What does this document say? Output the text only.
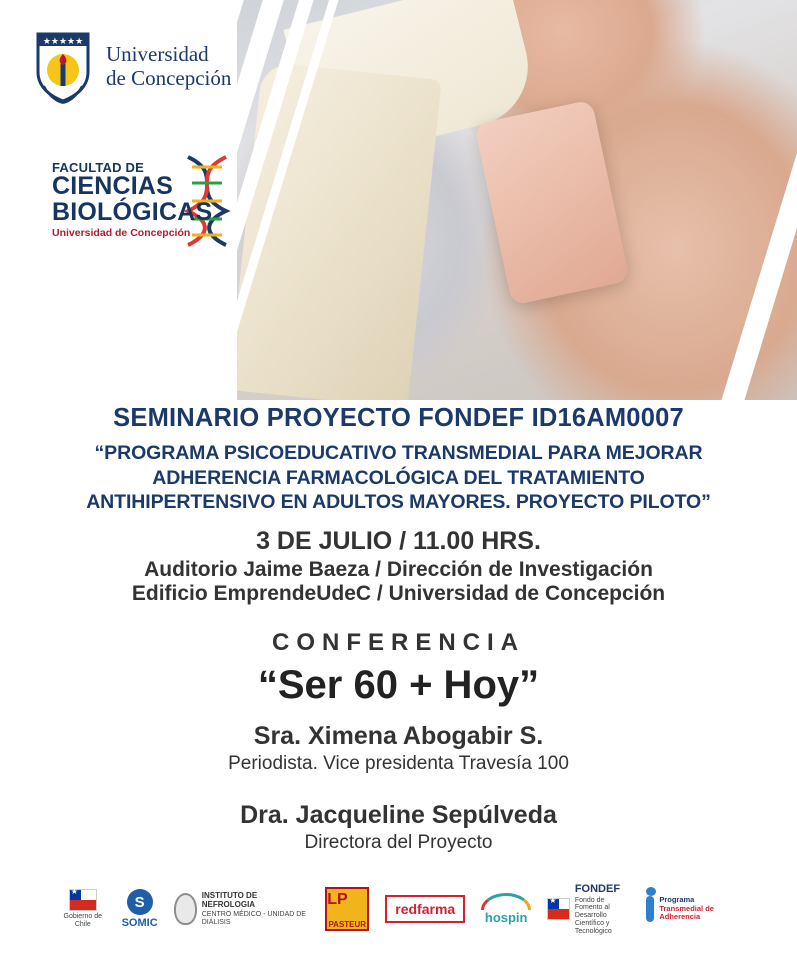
★★★★★ Universidad
de Concepción
FACULTAD DE
CIENCIAS
BIOLÓGICAS
Universidad de Concepción
SEMINARIO PROYECTO FONDEF ID16AM0007
“PROGRAMA PSICOEDUCATIVO TRANSMEDIAL PARA MEJORAR
ADHERENCIA FARMACOLÓGICA DEL TRATAMIENTO
ANTIHIPERTENSIVO EN ADULTOS MAYORES. PROYECTO PILOTO”
3 DE JULIO / 11.00 HRS.
Auditorio Jaime Baeza / Dirección de Investigación
Edificio EmprendeUdeC / Universidad de Concepción
CONFERENCIA
“Ser 60 + Hoy”
Sra. Ximena Abogabir S.
Periodista. Vice presidenta Travesía 100
Dra. Jacqueline Sepúlveda
Directora del Proyecto
★
Gobierno de Chile
S
SOMIC
INSTITUTO DE NEFROLOGIA
CENTRO MÉDICO - UNIDAD DE DIÁLISIS
LP
PASTEUR
redfarma
hospin
★
FONDEF
Fondo de Fomento al Desarrollo Científico y Tecnológico
Programa
Transmedial de Adherencia
